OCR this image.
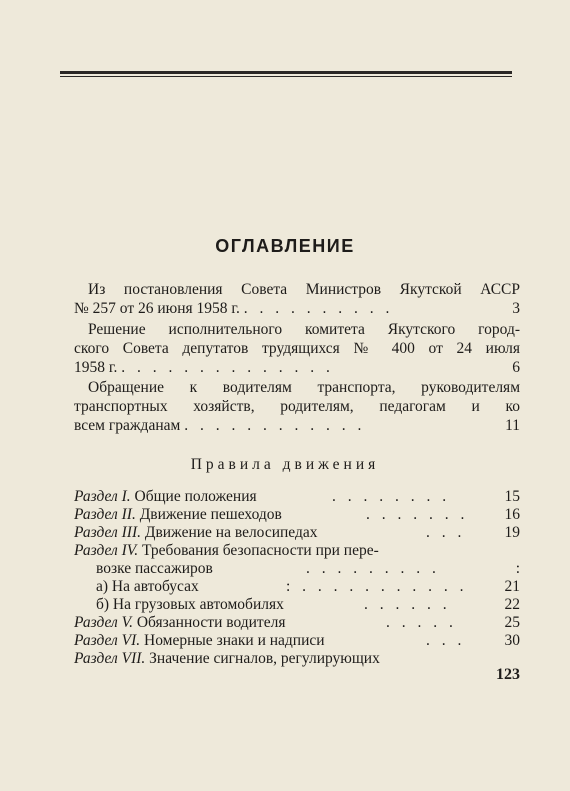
ОГЛАВЛЕНИЕ
Из постановления Совета Министров Якутской АССР
№ 257 от 26 июня 1958 г. . . . . . . . . . .	3
Решение исполнительного комитета Якутского город-
ского Совета депутатов трудящихся № 400 от 24 июля
1958 г. . . . . . . . . . . . . . .	6
Обращение к водителям транспорта, руководителям
транспортных хозяйств, родителям, педагогам и ко
всем гражданам . . . . . . . . . . . .	11
Правила движения
Раздел I. Общие положения	. . . . . . . .	15
Раздел II. Движение пешеходов	. . . . . . . 16
Раздел III. Движение на велосипедах	. . .	19
Раздел IV. Требования безопасности при пере-
возке пассажиров	. . . . . . . . .	:
а) На автобусах	: . . . . . . . . . . . 21
б) На грузовых автомобилях	. . . . . .	22
Раздел V. Обязанности водителя	. . . . .	25
Раздел VI. Номерные знаки и надписи	. . .	30
Раздел VII. Значение сигналов, регулирующих
123
